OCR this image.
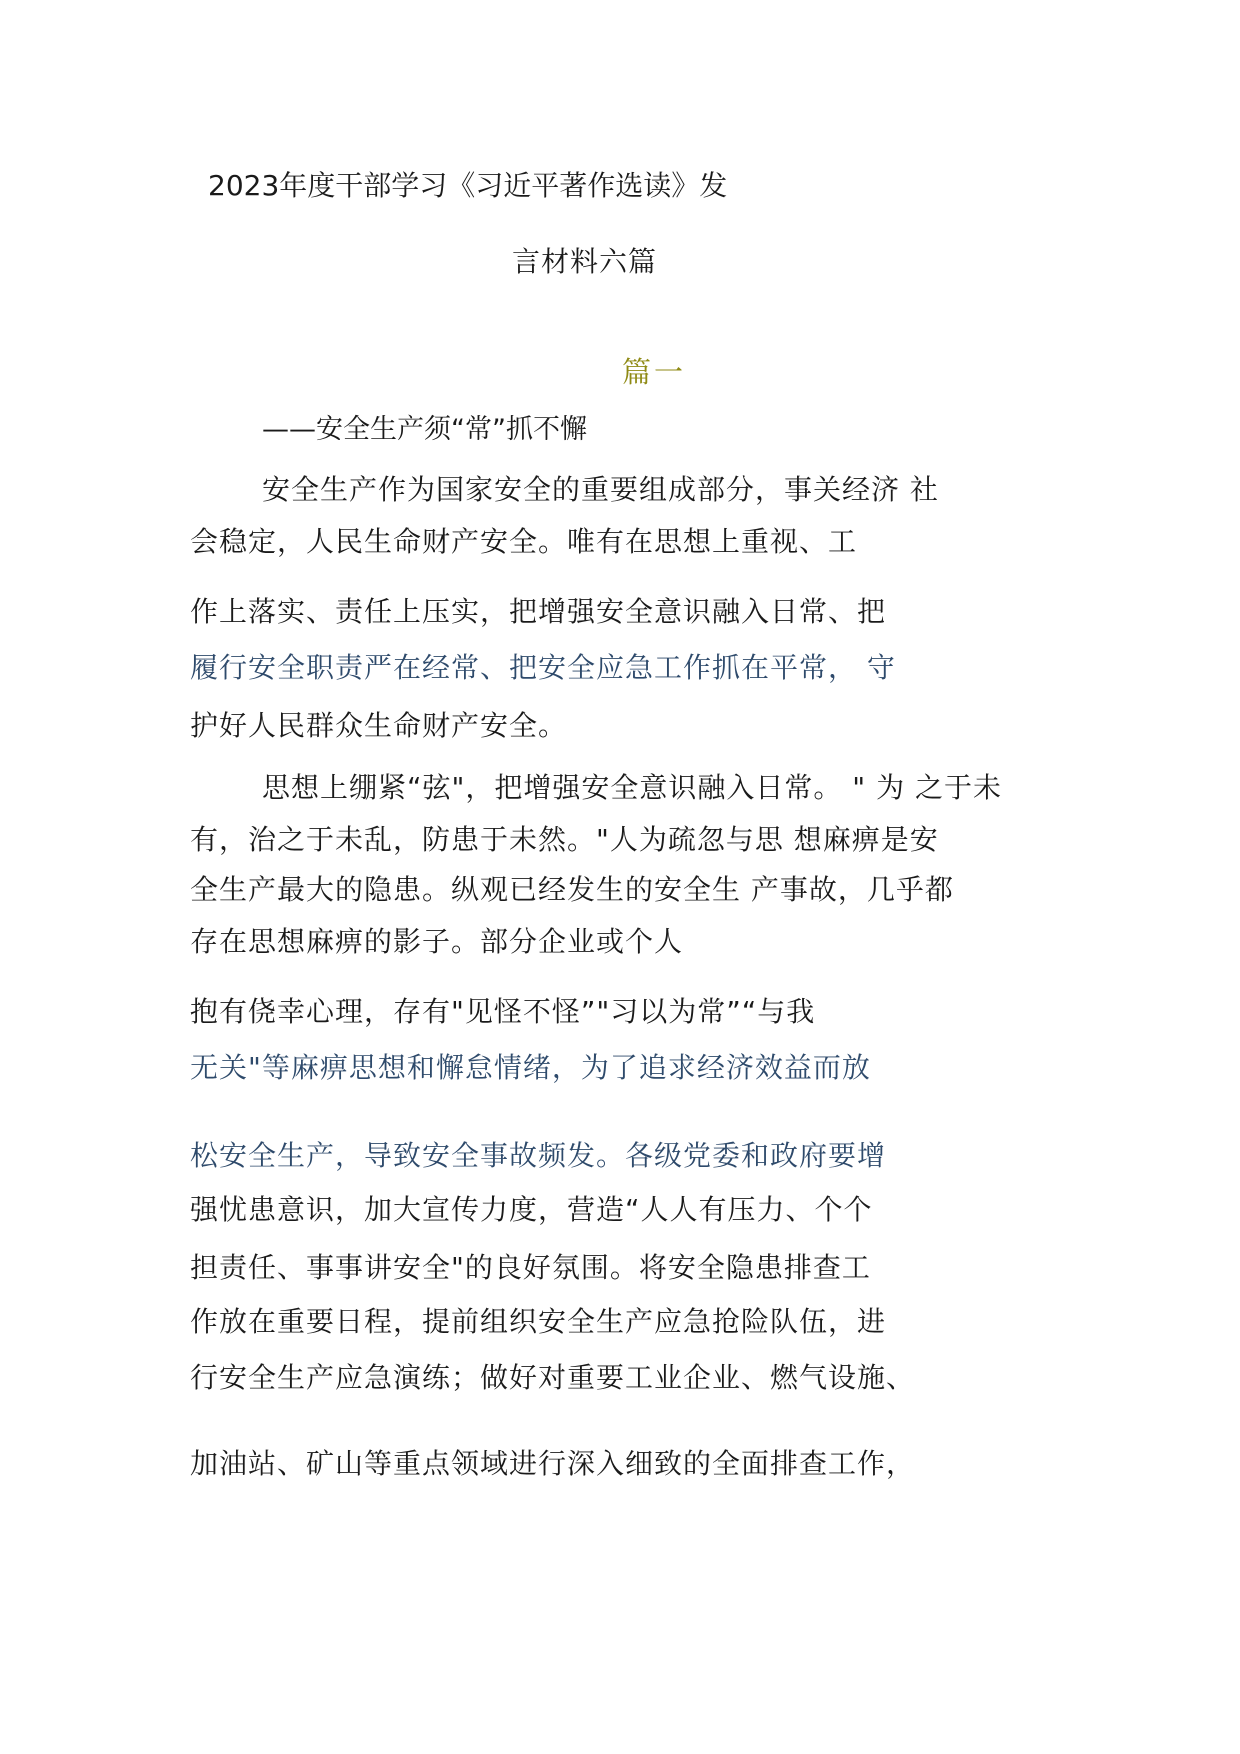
2023年度干部学习《习近平著作选读》发
言材料六篇
篇一
——安全生产须“常”抓不懈
安全生产作为国家安全的重要组成部分，事关经济 社
会稳定，人民生命财产安全。唯有在思想上重视、工
作上落实、责任上压实，把增强安全意识融入日常、把
履行安全职责严在经常、把安全应急工作抓在平常， 守
护好人民群众生命财产安全。
思想上绷紧“弦"，把增强安全意识融入日常。 " 为 之于未
有，治之于未乱，防患于未然。"人为疏忽与思 想麻痹是安
全生产最大的隐患。纵观已经发生的安全生 产事故，几乎都
存在思想麻痹的影子。部分企业或个人
抱有侥幸心理，存有"见怪不怪”"习以为常”“与我
无关"等麻痹思想和懈怠情绪，为了追求经济效益而放
松安全生产，导致安全事故频发。各级党委和政府要增
强忧患意识，加大宣传力度，营造“人人有压力、个个
担责任、事事讲安全"的良好氛围。将安全隐患排查工
作放在重要日程，提前组织安全生产应急抢险队伍，进
行安全生产应急演练；做好对重要工业企业、燃气设施、
加油站、矿山等重点领域进行深入细致的全面排查工作，
